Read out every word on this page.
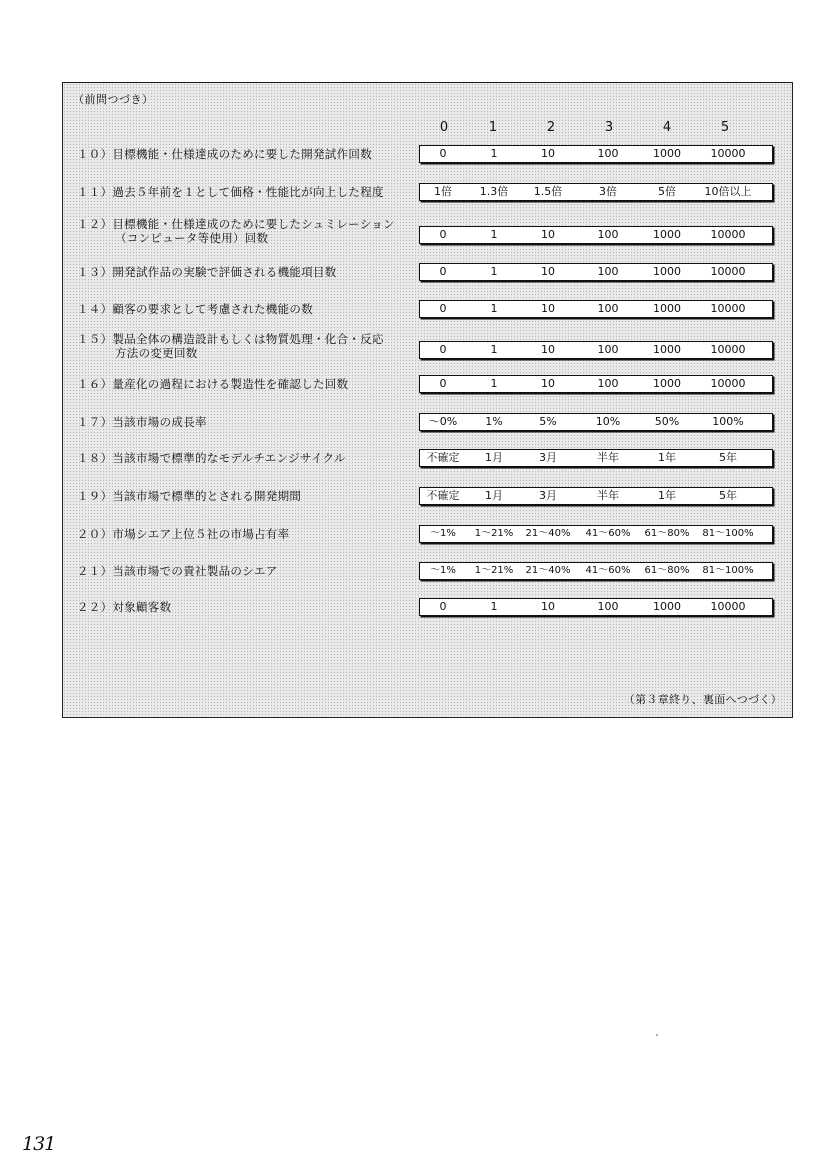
（前問つづき）
0	1	2	3	4	5
１０）目標機能・仕様達成のために要した開発試作回数	0	1	10	100	1000	10000
１１）過去５年前を１として価格・性能比が向上した程度	1倍	1.3倍	1.5倍	3倍	5倍	10倍以上
１２）目標機能・仕様達成のために要したシュミレーション
（コンピュータ等使用）回数	0	1	10	100	1000	10000
１３）開発試作品の実験で評価される機能項目数	0	1	10	100	1000	10000
１４）顧客の要求として考慮された機能の数	0	1	10	100	1000	10000
１５）製品全体の構造設計もしくは物質処理・化合・反応
方法の変更回数	0	1	10	100	1000	10000
１６）量産化の過程における製造性を確認した回数	0	1	10	100	1000	10000
１７）当該市場の成長率	～0%	1%	5%	10%	50%	100%
１８）当該市場で標準的なモデルチエンジサイクル	不確定	1月	3月	半年	1年	5年
１９）当該市場で標準的とされる開発期間	不確定	1月	3月	半年	1年	5年
２０）市場シエア上位５社の市場占有率	～1%	1～21%	21～40%	41～60%	61～80%	81～100%
２１）当該市場での貴社製品のシエア	～1%	1～21%	21～40%	41～60%	61～80%	81～100%
２２）対象顧客数	0	1	10	100	1000	10000
（第３章終り、裏面へつづく）
131
